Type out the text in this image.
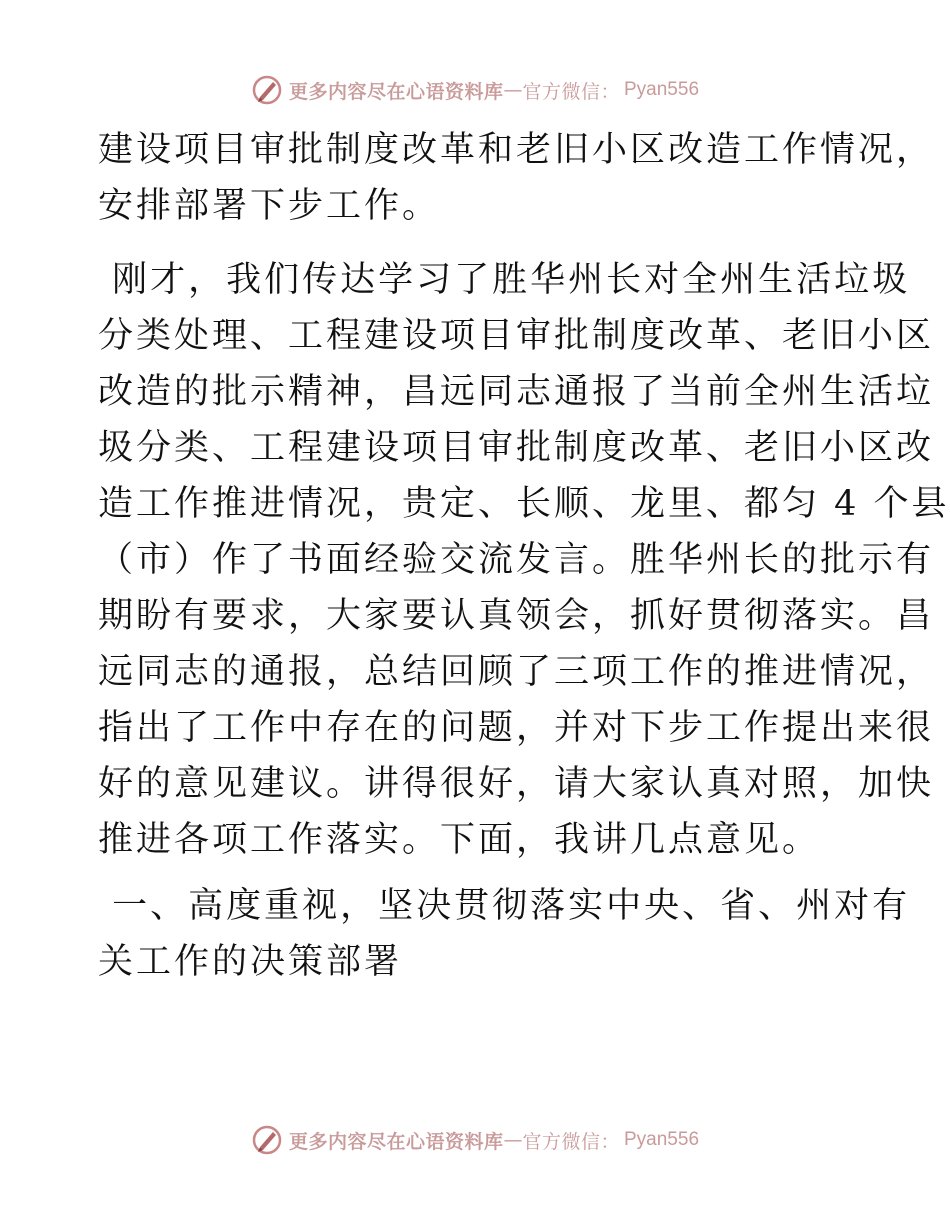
更多内容尽在心语资料库 — 官方微信： Pyan556

建设项目审批制度改革和老旧小区改造工作情况，
安排部署下步工作。

刚才，我们传达学习了胜华州长对全州生活垃圾
分类处理、工程建设项目审批制度改革、老旧小区
改造的批示精神，昌远同志通报了当前全州生活垃
圾分类、工程建设项目审批制度改革、老旧小区改
造工作推进情况，贵定、长顺、龙里、都匀 4 个县
（市）作了书面经验交流发言。胜华州长的批示有
期盼有要求，大家要认真领会，抓好贯彻落实。昌
远同志的通报，总结回顾了三项工作的推进情况，
指出了工作中存在的问题，并对下步工作提出来很
好的意见建议。讲得很好，请大家认真对照，加快
推进各项工作落实。下面，我讲几点意见。

一、高度重视，坚决贯彻落实中央、省、州对有
关工作的决策部署

更多内容尽在心语资料库 — 官方微信： Pyan556
